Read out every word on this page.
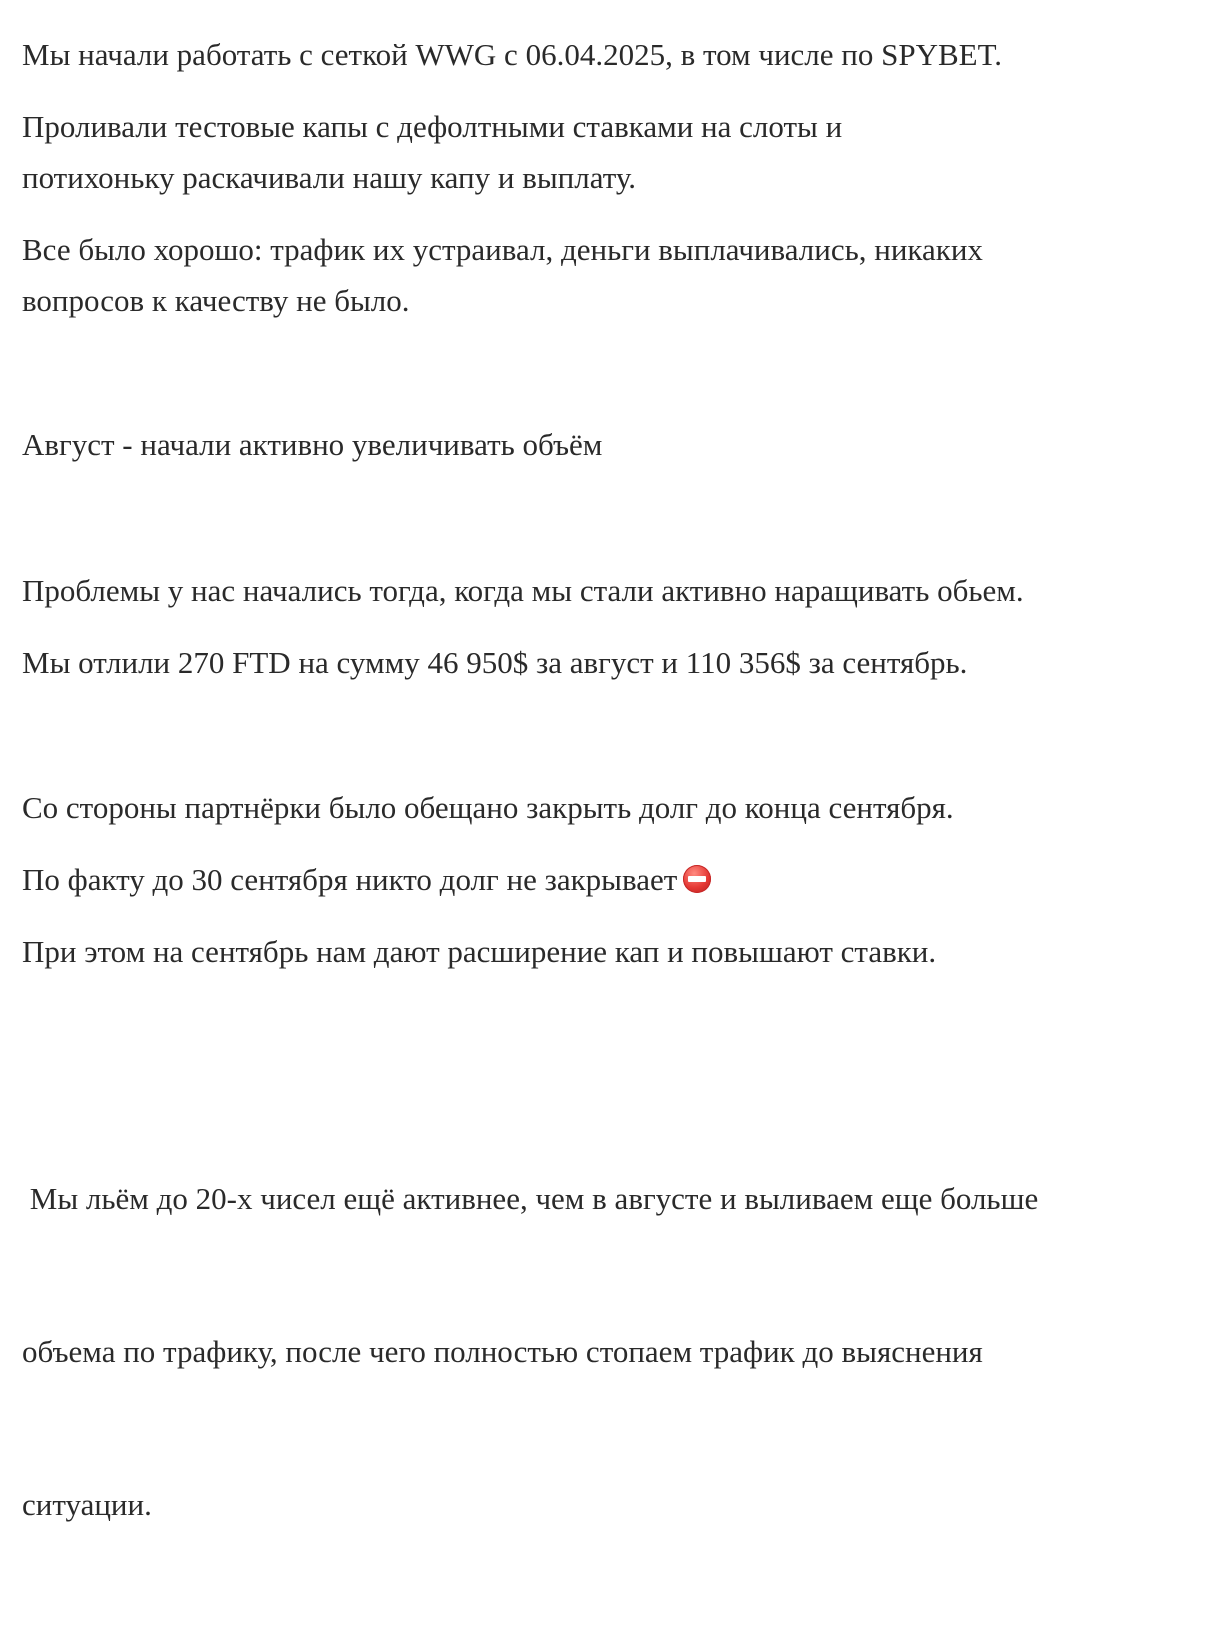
Мы начали работать с сеткой WWG с 06.04.2025, в том числе по SPYBET.

Проливали тестовые капы с дефолтными ставками на слоты и
потихоньку раскачивали нашу капу и выплату.

Все было хорошо: трафик их устраивал, деньги выплачивались, никаких
вопросов к качеству не было.

Август - начали активно увеличивать объём

Проблемы у нас начались тогда, когда мы стали активно наращивать обьем.

Мы отлили 270 FTD на сумму 46 950$ за август и 110 356$ за сентябрь.

Со стороны партнёрки было обещано закрыть долг до конца сентября.

По факту до 30 сентября никто долг не закрывает

При этом на сентябрь нам дают расширение кап и повышают ставки.

Мы льём до 20-х чисел ещё активнее, чем в августе и выливаем еще больше

объема по трафику, после чего полностью стопаем трафик до выяснения

ситуации.
